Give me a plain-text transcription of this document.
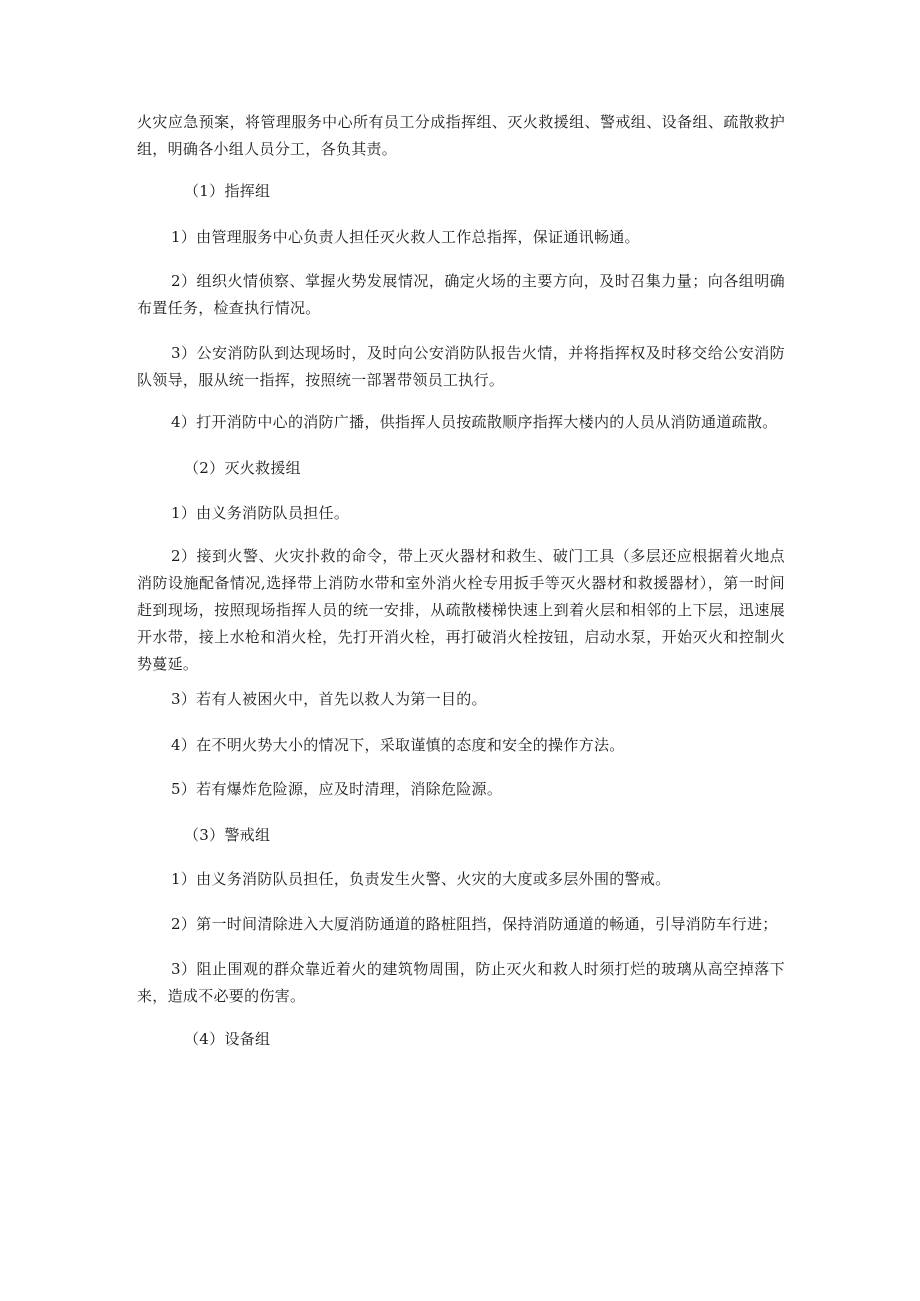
火灾应急预案，将管理服务中心所有员工分成指挥组、灭火救援组、警戒组、设备组、疏散救护组，明确各小组人员分工，各负其责。

（1）指挥组

1）由管理服务中心负责人担任灭火救人工作总指挥，保证通讯畅通。

2）组织火情侦察、掌握火势发展情况，确定火场的主要方向，及时召集力量；向各组明确布置任务，检查执行情况。

3）公安消防队到达现场时，及时向公安消防队报告火情，并将指挥权及时移交给公安消防队领导，服从统一指挥，按照统一部署带领员工执行。

4）打开消防中心的消防广播，供指挥人员按疏散顺序指挥大楼内的人员从消防通道疏散。

（2）灭火救援组

1）由义务消防队员担任。

2）接到火警、火灾扑救的命令，带上灭火器材和救生、破门工具（多层还应根据着火地点消防设施配备情况,选择带上消防水带和室外消火栓专用扳手等灭火器材和救援器材），第一时间赶到现场，按照现场指挥人员的统一安排，从疏散楼梯快速上到着火层和相邻的上下层，迅速展开水带，接上水枪和消火栓，先打开消火栓，再打破消火栓按钮，启动水泵，开始灭火和控制火势蔓延。

3）若有人被困火中，首先以救人为第一目的。

4）在不明火势大小的情况下，采取谨慎的态度和安全的操作方法。

5）若有爆炸危险源，应及时清理，消除危险源。

（3）警戒组

1）由义务消防队员担任，负责发生火警、火灾的大度或多层外围的警戒。

2）第一时间清除进入大厦消防通道的路桩阻挡，保持消防通道的畅通，引导消防车行进；

3）阻止围观的群众靠近着火的建筑物周围，防止灭火和救人时须打烂的玻璃从高空掉落下来，造成不必要的伤害。

（4）设备组
